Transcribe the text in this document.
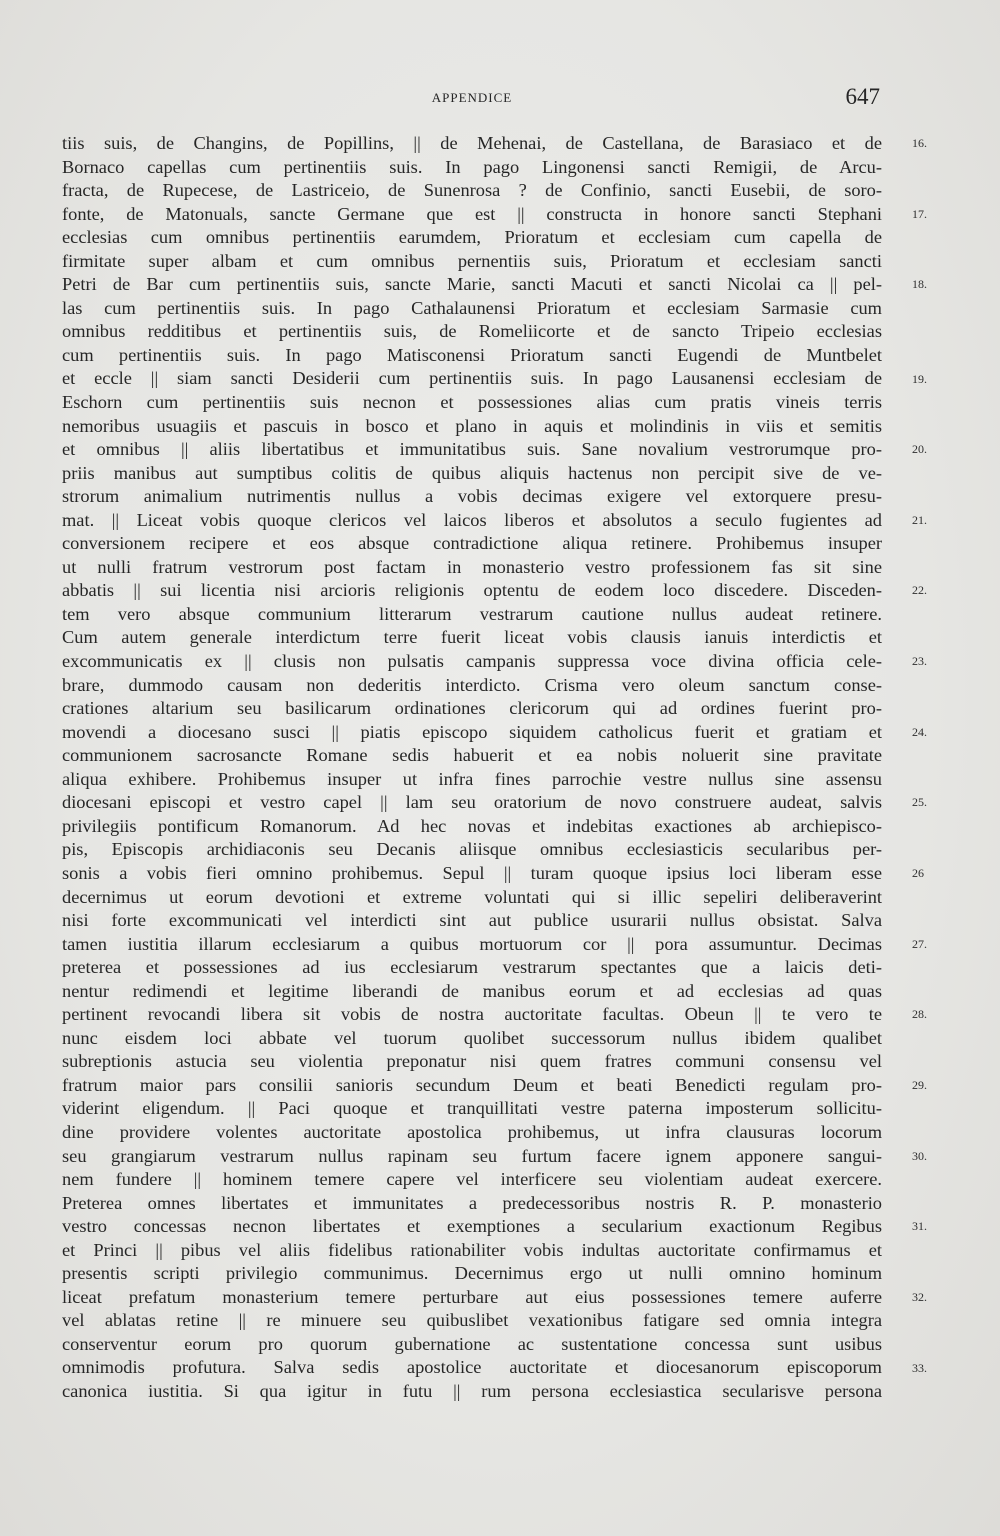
APPENDICE	647
tiis suis, de Changins, de Popillins, || de Mehenai, de Castellana, de Barasiaco et de
Bornaco capellas cum pertinentiis suis. In pago Lingonensi sancti Remigii, de Arcu-
fracta, de Rupecese, de Lastriceio, de Sunenrosa ? de Confinio, sancti Eusebii, de soro-
fonte, de Matonuals, sancte Germane que est || constructa in honore sancti Stephani
ecclesias cum omnibus pertinentiis earumdem, Prioratum et ecclesiam cum capella de
firmitate super albam et cum omnibus pernentiis suis, Prioratum et ecclesiam sancti
Petri de Bar cum pertinentiis suis, sancte Marie, sancti Macuti et sancti Nicolai ca || pel-
las cum pertinentiis suis. In pago Cathalaunensi Prioratum et ecclesiam Sarmasie cum
omnibus redditibus et pertinentiis suis, de Romeliicorte et de sancto Tripeio ecclesias
cum pertinentiis suis. In pago Matisconensi Prioratum sancti Eugendi de Muntbelet
et eccle || siam sancti Desiderii cum pertinentiis suis. In pago Lausanensi ecclesiam de
Eschorn cum pertinentiis suis necnon et possessiones alias cum pratis vineis terris
nemoribus usuagiis et pascuis in bosco et plano in aquis et molindinis in viis et semitis
et omnibus || aliis libertatibus et immunitatibus suis. Sane novalium vestrorumque pro-
priis manibus aut sumptibus colitis de quibus aliquis hactenus non percipit sive de ve-
strorum animalium nutrimentis nullus a vobis decimas exigere vel extorquere presu-
mat. || Liceat vobis quoque clericos vel laicos liberos et absolutos a seculo fugientes ad
conversionem recipere et eos absque contradictione aliqua retinere. Prohibemus insuper
ut nulli fratrum vestrorum post factam in monasterio vestro professionem fas sit sine
abbatis || sui licentia nisi arcioris religionis optentu de eodem loco discedere. Disceden-
tem vero absque communium litterarum vestrarum cautione nullus audeat retinere.
Cum autem generale interdictum terre fuerit liceat vobis clausis ianuis interdictis et
excommunicatis ex || clusis non pulsatis campanis suppressa voce divina officia cele-
brare, dummodo causam non dederitis interdicto. Crisma vero oleum sanctum conse-
crationes altarium seu basilicarum ordinationes clericorum qui ad ordines fuerint pro-
movendi a diocesano susci || piatis episcopo siquidem catholicus fuerit et gratiam et
communionem sacrosancte Romane sedis habuerit et ea nobis noluerit sine pravitate
aliqua exhibere. Prohibemus insuper ut infra fines parrochie vestre nullus sine assensu
diocesani episcopi et vestro capel || lam seu oratorium de novo construere audeat, salvis
privilegiis pontificum Romanorum. Ad hec novas et indebitas exactiones ab archiepisco-
pis, Episcopis archidiaconis seu Decanis aliisque omnibus ecclesiasticis secularibus per-
sonis a vobis fieri omnino prohibemus. Sepul || turam quoque ipsius loci liberam esse
decernimus ut eorum devotioni et extreme voluntati qui si illic sepeliri deliberaverint
nisi forte excommunicati vel interdicti sint aut publice usurarii nullus obsistat. Salva
tamen iustitia illarum ecclesiarum a quibus mortuorum cor || pora assumuntur. Decimas
preterea et possessiones ad ius ecclesiarum vestrarum spectantes que a laicis deti-
nentur redimendi et legitime liberandi de manibus eorum et ad ecclesias ad quas
pertinent revocandi libera sit vobis de nostra auctoritate facultas. Obeun || te vero te
nunc eisdem loci abbate vel tuorum quolibet successorum nullus ibidem qualibet
subreptionis astucia seu violentia preponatur nisi quem fratres communi consensu vel
fratrum maior pars consilii sanioris secundum Deum et beati Benedicti regulam pro-
viderint eligendum. || Paci quoque et tranquillitati vestre paterna imposterum sollicitu-
dine providere volentes auctoritate apostolica prohibemus, ut infra clausuras locorum
seu grangiarum vestrarum nullus rapinam seu furtum facere ignem apponere sangui-
nem fundere || hominem temere capere vel interficere seu violentiam audeat exercere.
Preterea omnes libertates et immunitates a predecessoribus nostris R. P. monasterio
vestro concessas necnon libertates et exemptiones a secularium exactionum Regibus
et Princi || pibus vel aliis fidelibus rationabiliter vobis indultas auctoritate confirmamus et
presentis scripti privilegio communimus. Decernimus ergo ut nulli omnino hominum
liceat prefatum monasterium temere perturbare aut eius possessiones temere auferre
vel ablatas retine || re minuere seu quibuslibet vexationibus fatigare sed omnia integra
conserventur eorum pro quorum gubernatione ac sustentatione concessa sunt usibus
omnimodis profutura. Salva sedis apostolice auctoritate et diocesanorum episcoporum
canonica iustitia. Si qua igitur in futu || rum persona ecclesiastica secularisve persona
16.
17.
18.
19.
20.
21.
22.
23.
24.
25.
26
27.
28.
29.
30.
31.
32.
33.
